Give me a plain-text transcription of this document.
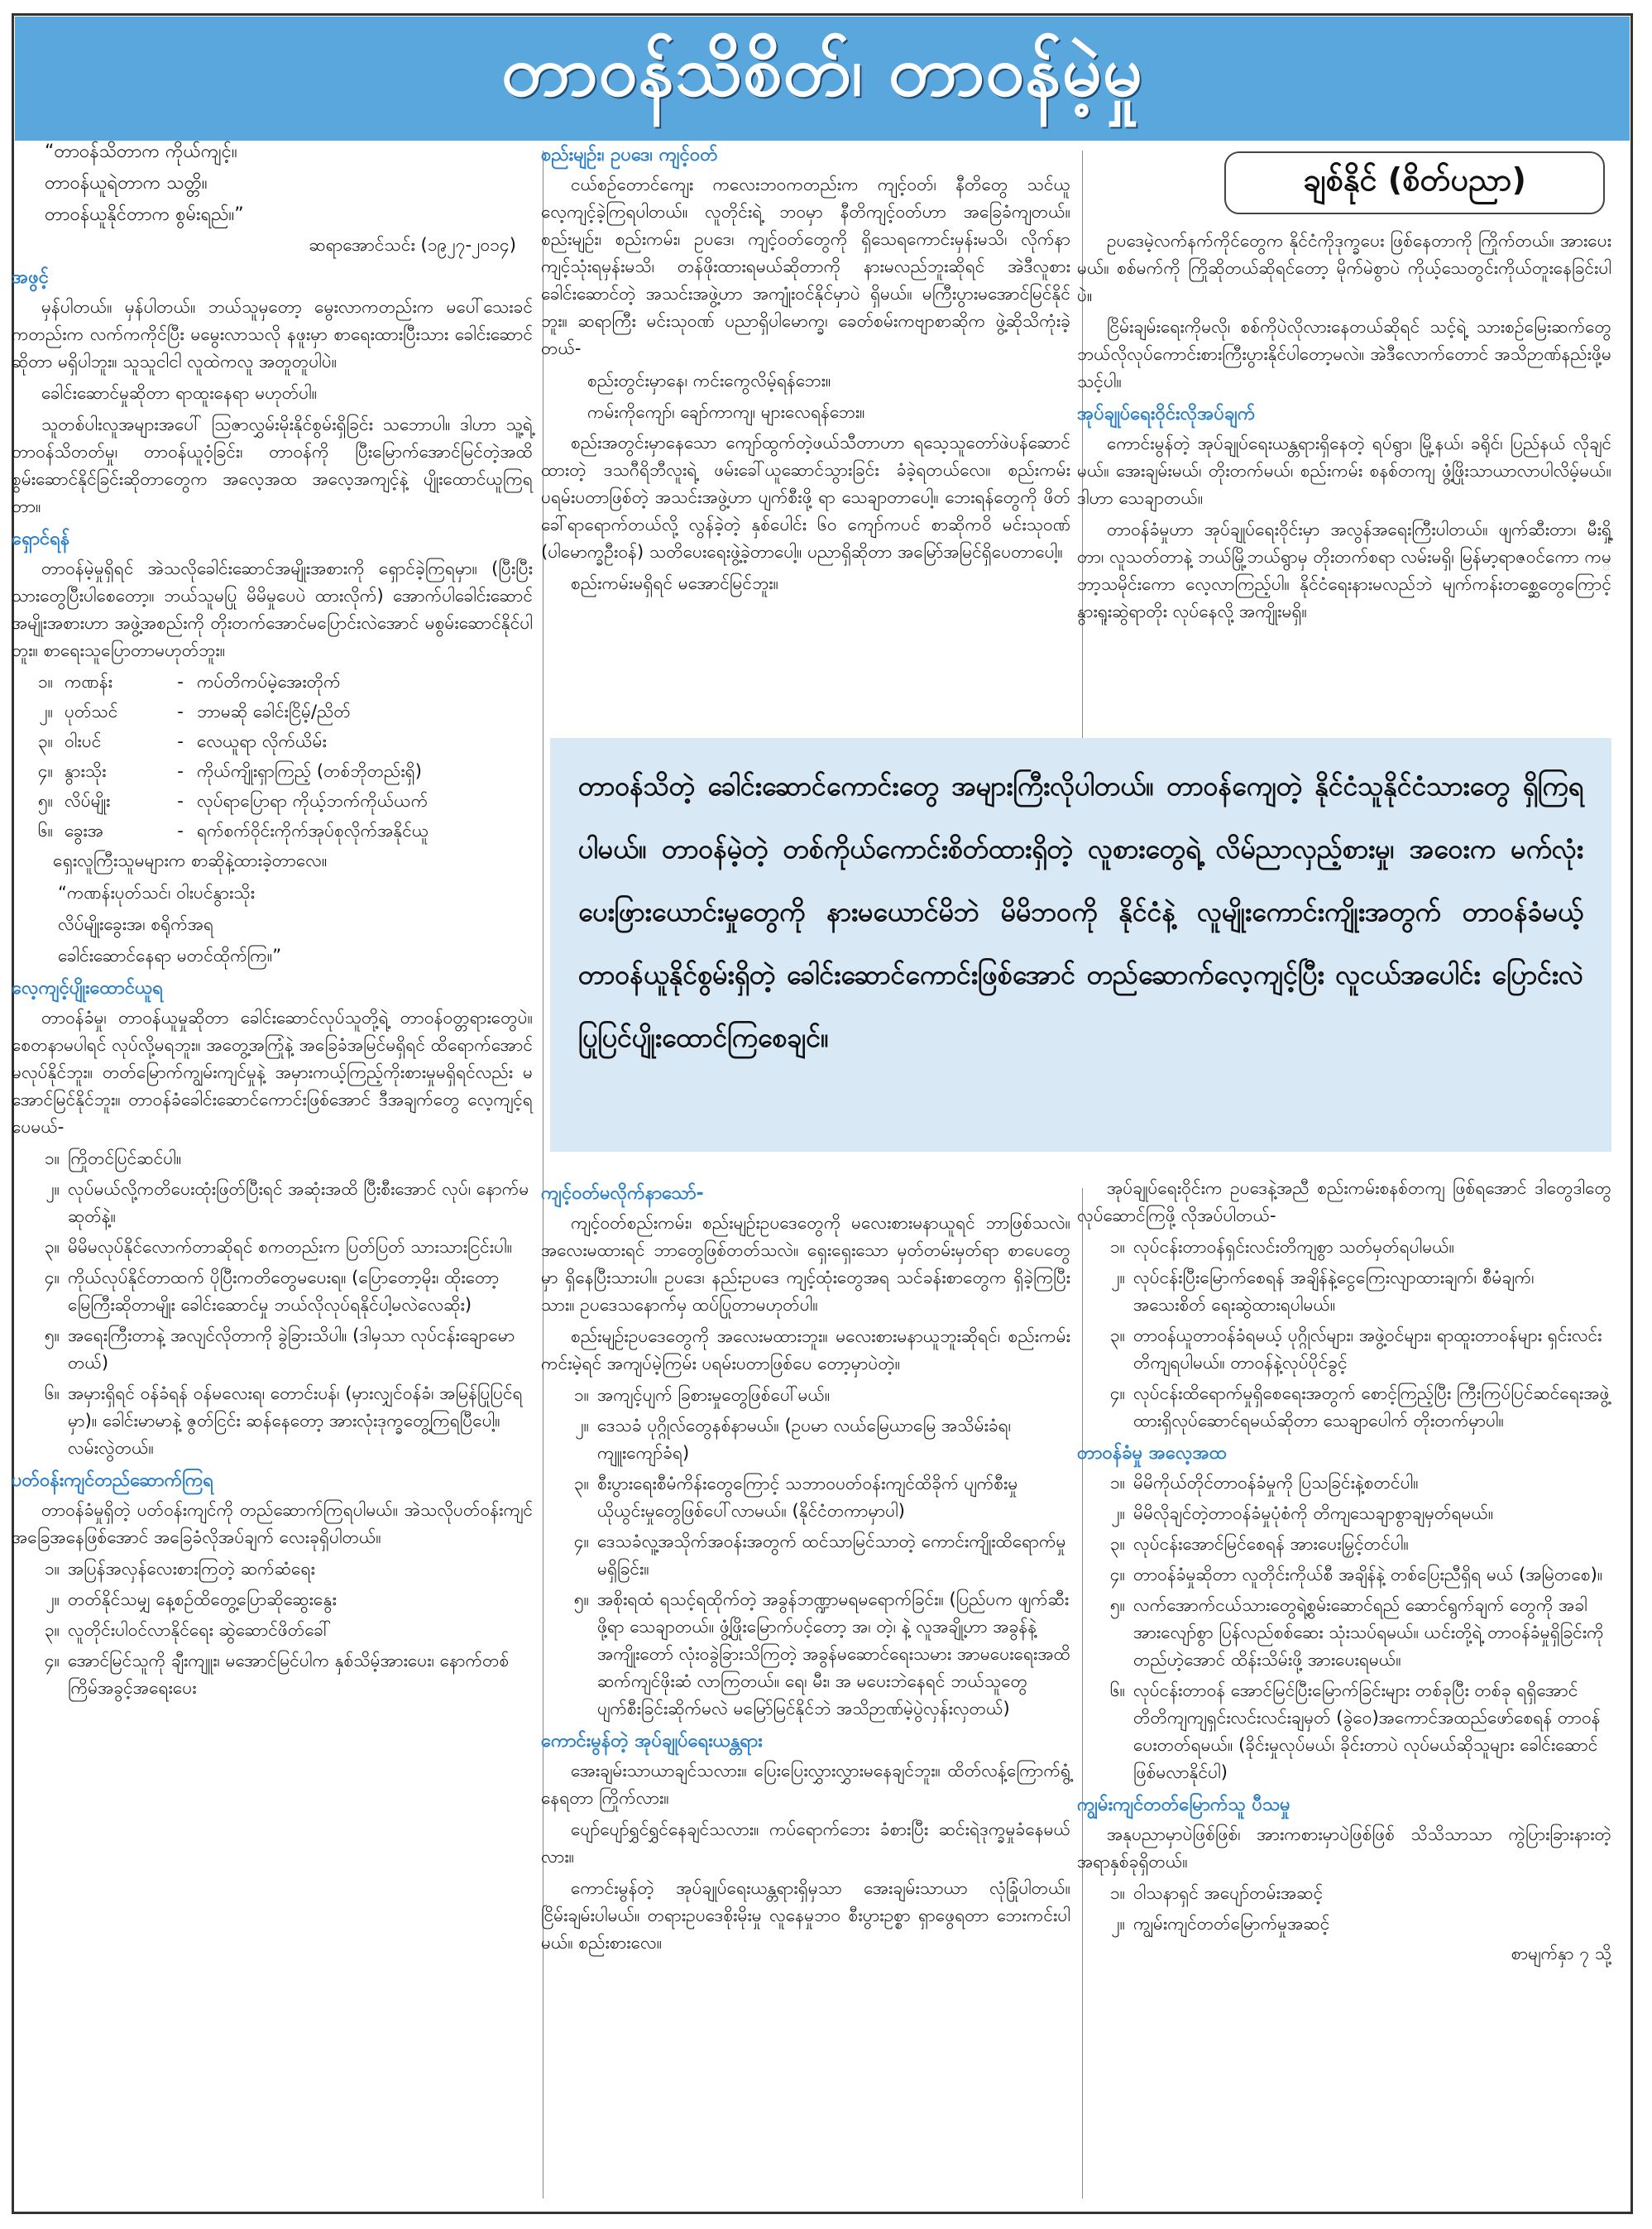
တာဝန်သိစိတ်၊ တာဝန်မဲ့မှု
“တာဝန်သိတာက ကိုယ်ကျင့်။
တာဝန်ယူရဲတာက သတ္တိ။
တာဝန်ယူနိုင်တာက စွမ်းရည်။”
ဆရာအောင်သင်း (၁၉၂၇-၂၀၁၄)
အဖွင့်

မှန်ပါတယ်။ မှန်ပါတယ်။ ဘယ်သူမှတော့ မွေးလာကတည်းက မပေါ်သေးခင်ကတည်းက လက်ကကိုင်ပြီး မမွေးလာသလို နဖူးမှာ စာရေးထားပြီးသား ခေါင်းဆောင် ဆိုတာ မရှိပါဘူး။ သူသူငါငါ လူထဲကလူ အတူတူပါပဲ။

ခေါင်းဆောင်မှုဆိုတာ ရာထူးနေရာ မဟုတ်ပါ။

သူတစ်ပါးလူအများအပေါ် ဩဇာလွှမ်းမိုးနိုင်စွမ်းရှိခြင်း သဘောပါ။ ဒါဟာ သူ့ရဲ့ တာဝန်သိတတ်မှု၊ တာဝန်ယူဝံ့ခြင်း၊ တာဝန်ကို ပြီးမြောက်အောင်မြင်တဲ့အထိ စွမ်းဆောင်နိုင်ခြင်းဆိုတာတွေက အလေ့အထ အလေ့အကျင့်နဲ့ ပျိုးထောင်ယူကြရတာ။

ရှောင်ရန်

တာဝန်မဲ့မှုရှိရင် အဲသလိုခေါင်းဆောင်အမျိုးအစားကို ရှောင်ခဲ့ကြရမှာ။ (ပြီးပြီးသားတွေပြီးပါစေတော့။ ဘယ်သူမပြု မိမိမှုပေပဲ ထားလိုက်) အောက်ပါခေါင်းဆောင်အမျိုးအစားဟာ အဖွဲ့အစည်းကို တိုးတက်အောင်မပြောင်းလဲအောင် မစွမ်းဆောင်နိုင်ပါဘူး။ စာရေးသူပြောတာမဟုတ်ဘူး။

၁။ ကဏန်း	- ကပ်တိကပ်မဲ့အေးတိုက်
၂။ ပုတ်သင်	- ဘာမဆို ခေါင်းငြိမ့်/ညိတ်
၃။ ဝါးပင်	- လေယူရာ လိုက်ယိမ်း
၄။ နွားသိုး	- ကိုယ်ကျိုးရှာကြည့် (တစ်ဘိုတည်းရှိ)
၅။ လိပ်မျိုး	- လုပ်ရာပြောရာ ကိုယ့်ဘက်ကိုယ်ယက်
၆။ ခွေးအ	- ရက်စက်ဝိုင်းကိုက်အုပ်စုလိုက်အနိုင်ယူ

ရှေးလူကြီးသူမများက စာဆိုနဲ့ထားခဲ့တာလေ။

“ကဏန်းပုတ်သင်၊ ဝါးပင်နွားသိုး
လိပ်မျိုးခွေးအ၊ စရိုက်အရ
ခေါင်းဆောင်နေရာ မတင်ထိုက်ကြ။”
လေ့ကျင့်ပျိုးထောင်ယူရ

တာဝန်ခံမှု၊ တာဝန်ယူမှုဆိုတာ ခေါင်းဆောင်လုပ်သူတို့ရဲ့ တာဝန်ဝတ္တရားတွေပဲ။ စေတနာမပါရင် လုပ်လို့မရဘူး။ အတွေ့အကြုံနဲ့ အခြေခံအမြင်မရှိရင် ထိရောက်အောင် မလုပ်နိုင်ဘူး။ တတ်မြောက်ကျွမ်းကျင်မှုနဲ့ အမှားကယ့်ကြည့်ကိုးစားမှုမရှိရင်လည်း မအောင်မြင်နိုင်ဘူး။ တာဝန်ခံခေါင်းဆောင်ကောင်းဖြစ်အောင် ဒီအချက်တွေ လေ့ကျင့်ရပေမယ်-

၁။ ကြိုတင်ပြင်ဆင်ပါ။
၂။ လုပ်မယ်လို့ကတိပေးထုံးဖြတ်ပြီးရင် အဆုံးအထိ ပြီးစီးအောင် လုပ်၊ နောက်မဆုတ်နဲ့။
၃။ မိမိမလုပ်နိုင်လောက်တာဆိုရင် စကတည်းက ပြတ်ပြတ် သားသားငြင်းပါ။
၄။ ကိုယ်လုပ်နိုင်တာထက် ပိုပြီးကတိတွေမပေးရ။ (ပြောတော့မိုး၊ ထိုးတော့မြေကြီးဆိုတာမျိုး ခေါင်းဆောင်မှု ဘယ်လိုလုပ်ရနိုင်ပါ့မလဲလေဆိုး)
၅။ အရေးကြီးတာနဲ့ အလျင်လိုတာကို ခွဲခြားသိပါ။ (ဒါမှသာ လုပ်ငန်းချောမောတယ်)
၆။ အမှားရှိရင် ဝန်ခံရန် ဝန်မလေးရ၊ တောင်းပန်၊ (မှားလျှင်ဝန်ခံ၊ အမြန်ပြုပြင်ရမှာ)။ ခေါင်းမာမာနဲ့ ဇွတ်ငြင်း ဆန်နေတော့ အားလုံးဒုက္ခတွေ့ကြရပြီပေါ့။ လမ်းလွဲတယ်။
ပတ်ဝန်းကျင်တည်ဆောက်ကြရ

တာဝန်ခံမှုရှိတဲ့ ပတ်ဝန်းကျင်ကို တည်ဆောက်ကြရပါမယ်။ အဲသလိုပတ်ဝန်းကျင်အခြေအနေဖြစ်အောင် အခြေခံလိုအပ်ချက် လေးခုရှိပါတယ်။

၁။ အပြန်အလှန်လေးစားကြတဲ့ ဆက်ဆံရေး
၂။ တတ်နိုင်သမျှ နေ့စဉ်ထိတွေ့ပြောဆိုဆွေးနွေး
၃။ လူတိုင်းပါဝင်လာနိုင်ရေး ဆွဲဆောင်ဖိတ်ခေါ်
၄။ အောင်မြင်သူကို ချီးကျူး၊ မအောင်မြင်ပါက နှစ်သိမ့်အားပေး၊ နောက်တစ်ကြိမ်အခွင့်အရေးပေး
စည်းမျဉ်း၊ ဥပဒေ၊ ကျင့်ဝတ်

ငယ်စဉ်တောင်ကျေး ကလေးဘဝကတည်းက ကျင့်ဝတ်၊ နီတိတွေ သင်ယူလေ့ကျင့်ခဲ့ကြရပါတယ်။ လူတိုင်းရဲ့ ဘဝမှာ နီတိကျင့်ဝတ်ဟာ အခြေခံကျတယ်။ စည်းမျဉ်း၊ စည်းကမ်း၊ ဥပဒေ၊ ကျင့်ဝတ်တွေကို ရှိသေရကောင်းမှန်းမသိ၊ လိုက်နာကျင့်သုံးရမှန်းမသိ၊ တန်ဖိုးထားရမယ်ဆိုတာကို နားမလည်ဘူးဆိုရင် အဲဒီလူစားခေါင်းဆောင်တဲ့ အသင်းအဖွဲ့ဟာ အကျုံးဝင်နိုင်မှာပဲ ရှိမယ်။ မကြီးပွားမအောင်မြင်နိုင်ဘူး။ ဆရာကြီး မင်းသုဝဏ် ပညာရှိပါမောက္ခ၊ ခေတ်စမ်းကဗျာစာဆိုက ဖွဲ့ဆိုသိကုံးခဲ့တယ်-

စည်းတွင်းမှာနေ၊ ကင်းကွေလိမ့်ရန်ဘေး။
ကမ်းကိုကျော်၊ ချော်ကာကျ၊ များလေရန်ဘေး။

စည်းအတွင်းမှာနေသော ကျော်ထွက်တဲ့ဖယ်သီတာဟာ ရသေ့သူတော်ဖဲပန်ဆောင်ထားတဲ့ ဒသဂီရိဘီလူးရဲ့ ဖမ်းခေါ်ယူဆောင်သွားခြင်း ခံခဲ့ရတယ်လေ။ စည်းကမ်းပရမ်းပတာဖြစ်တဲ့ အသင်းအဖွဲ့ဟာ ပျက်စီးဖို့ ရာ သေချာတာပေါ့။ ဘေးရန်တွေကို ဖိတ်ခေါ်ရာရောက်တယ်လို့ လွန်ခဲ့တဲ့ နှစ်ပေါင်း ၆၀ ကျော်ကပင် စာဆိုကဝိ မင်းသုဝဏ် (ပါမောက္ခဦးဝန်) သတိပေးရေးဖွဲ့ခဲ့တာပေါ့။ ပညာရှိဆိုတာ အမြော်အမြင်ရှိပေတာပေါ့။

စည်းကမ်းမရှိရင် မအောင်မြင်ဘူး။

ချစ်နိုင် (စိတ်ပညာ)

ဥပဒေမဲ့လက်နက်ကိုင်တွေက နိုင်ငံကိုဒုက္ခပေး ဖြစ်နေတာကို ကြိုက်တယ်။ အားပေးမယ်။ စစ်မက်ကို ကြိုဆိုတယ်ဆိုရင်တော့ မိုက်မဲစွာပဲ ကိုယ့်သေတွင်းကိုယ်တူးနေခြင်းပါပဲ။

ငြိမ်းချမ်းရေးကိုမလို၊ စစ်ကိုပဲလိုလားနေတယ်ဆိုရင် သင့်ရဲ့ သားစဉ်မြေးဆက်တွေ ဘယ်လိုလုပ်ကောင်းစားကြီးပွားနိုင်ပါတော့မလဲ။ အဲဒီလောက်တောင် အသိဉာဏ်နည်းဖို့မသင့်ပါ။

အုပ်ချုပ်ရေးဝိုင်းလိုအပ်ချက်

ကောင်းမွန်တဲ့ အုပ်ချုပ်ရေးယန္တရားရှိနေတဲ့ ရပ်ရွာ၊ မြို့နယ်၊ ခရိုင်၊ ပြည်နယ် လိုချင်မယ်။ အေးချမ်းမယ်၊ တိုးတက်မယ်၊ စည်းကမ်း စနစ်တကျ ဖွံ့ဖြိုးသာယာလာပါလိမ့်မယ်။ ဒါဟာ သေချာတယ်။

တာဝန်ခံမှုဟာ အုပ်ချုပ်ရေးဝိုင်းမှာ အလွန်အရေးကြီးပါတယ်။ ဖျက်ဆီးတာ၊ မီးရှို့တာ၊ လူသတ်တာနဲ့ ဘယ်မြို့ဘယ်ရွာမှ တိုးတက်စရာ လမ်းမရှိ၊ မြန်မာ့ရာဇဝင်ကော ကမ္ဘာ့သမိုင်းကော လေ့လာကြည့်ပါ။ နိုင်ငံရေးနားမလည်ဘဲ မျက်ကန်းတစ္ဆေတွေကြောင့် နွားရူးဆွဲရာတိုး လုပ်နေလို့ အကျိုးမရှိ။

တာဝန်သိတဲ့ ခေါင်းဆောင်ကောင်းတွေ အများကြီးလိုပါတယ်။ တာဝန်ကျေတဲ့ နိုင်ငံသူနိုင်ငံသားတွေ ရှိကြရပါမယ်။ တာဝန်မဲ့တဲ့ တစ်ကိုယ်ကောင်းစိတ်ထားရှိတဲ့ လူစားတွေရဲ့ လိမ်ညာလှည့်စားမှု၊ အဝေးက မက်လုံးပေးဖြားယောင်းမှုတွေကို နားမယောင်မိဘဲ မိမိဘဝကို နိုင်ငံနဲ့ လူမျိုးကောင်းကျိုးအတွက် တာဝန်ခံမယ့် တာဝန်ယူနိုင်စွမ်းရှိတဲ့ ခေါင်းဆောင်ကောင်းဖြစ်အောင် တည်ဆောက်လေ့ကျင့်ပြီး လူငယ်အပေါင်း ပြောင်းလဲပြုပြင်ပျိုးထောင်ကြစေချင်။

ကျင့်ဝတ်မလိုက်နာသော်-

ကျင့်ဝတ်စည်းကမ်း၊ စည်းမျဉ်းဥပဒေတွေကို မလေးစားမနာယူရင် ဘာဖြစ်သလဲ။ အလေးမထားရင် ဘာတွေဖြစ်တတ်သလဲ။ ရှေးရှေးသော မှတ်တမ်းမှတ်ရာ စာပေတွေမှာ ရှိနေပြီးသားပါ။ ဥပဒေ၊ နည်းဥပဒေ ကျင့်ထုံးတွေအရ သင်ခန်းစာတွေက ရှိခဲ့ကြပြီးသား။ ဥပဒေသနောက်မှ ထပ်ပြုတာမဟုတ်ပါ။

စည်းမျဉ်းဥပဒေတွေကို အလေးမထားဘူး။ မလေးစားမနာယူဘူးဆိုရင်၊ စည်းကမ်းကင်းမဲ့ရင် အကျပ်မဲ့ကြမ်း ပရမ်းပတာဖြစ်ပေ တော့မှာပဲတဲ့။

၁။ အကျင့်ပျက် ခြစားမှုတွေဖြစ်ပေါ်မယ်။
၂။ ဒေသခံ ပုဂ္ဂိုလ်တွေနစ်နာမယ်။ (ဥပမာ လယ်မြေယာမြေ အသိမ်းခံရ၊ ကျူးကျော်ခံရ)
၃။ စီးပွားရေးစီမံကိန်းတွေကြောင့် သဘာဝပတ်ဝန်းကျင်ထိခိုက် ပျက်စီးမှု ယိုယွင်းမှုတွေဖြစ်ပေါ်လာမယ်။ (နိုင်ငံတကာမှာပါ)
၄။ ဒေသခံလူ့အသိုက်အဝန်းအတွက် ထင်သာမြင်သာတဲ့ ကောင်းကျိုးထိရောက်မှု မရှိခြင်း။
၅။ အစိုးရထံ ရသင့်ရထိုက်တဲ့ အခွန်ဘဏ္ဍာမရမရောက်ခြင်း။ (ပြည်ပက ဖျက်ဆီးဖို့ရာ သေချာတယ်။ ဖွံ့ဖြိုးမြောက်ပင့်တော့ အ၊ တဲ့၊ နဲ့ လူအချို့ဟာ အခွန်နဲ့ အကျိုးတော် လုံးဝခွဲခြားသိကြတဲ့ အခွန်မဆောင်ရေးသမား အာမပေးရေးအထိ ဆက်ကျင်ဖိုးဆံ လာကြတယ်။ ရေ၊ မီး၊ အ မပေးဘဲနေရင် ဘယ်သူတွေ ပျက်စီးခြင်းဆိုက်မလဲ မမြော်မြင်နိုင်ဘဲ အသိဉာဏ်မဲ့ပွဲလှန်းလှတယ်)
ကောင်းမွန်တဲ့ အုပ်ချုပ်ရေးယန္တရား

အေးချမ်းသာယာချင်သလား။ ပြေးပြေးလွှားလွှားမနေချင်ဘူး။ ထိတ်လန့်ကြောက်ရွံ့နေရတာ ကြိုက်လား။

ပျော်ပျော်ရွှင်ရွှင်နေချင်သလား။ ကပ်ရောက်ဘေး ခံစားပြီး ဆင်းရဲဒုက္ခမှုခံနေမယ်လား။

ကောင်းမွန်တဲ့ အုပ်ချုပ်ရေးယန္တရားရှိမှသာ အေးချမ်းသာယာ လုံခြုံပါတယ်။ ငြိမ်းချမ်းပါမယ်။ တရားဥပဒေစိုးမိုးမှု လူနေမှုဘဝ စီးပွားဥစ္စာ ရှာဖွေရတာ ဘေးကင်းပါမယ်။ စည်းစားလေ။

အုပ်ချုပ်ရေးဝိုင်းက ဥပဒေနဲ့အညီ စည်းကမ်းစနစ်တကျ ဖြစ်ရအောင် ဒါတွေဒါတွေ လုပ်ဆောင်ကြဖို့ လိုအပ်ပါတယ်-

၁။ လုပ်ငန်းတာဝန်ရှင်းလင်းတိကျစွာ သတ်မှတ်ရပါမယ်။
၂။ လုပ်ငန်းပြီးမြောက်စေရန် အချိန်နဲ့ငွေကြေးလျာထားချက်၊ စီမံချက်၊ အသေးစိတ် ရေးဆွဲထားရပါမယ်။
၃။ တာဝန်ယူတာဝန်ခံရမယ့် ပုဂ္ဂိုလ်များ၊ အဖွဲ့ဝင်များ၊ ရာထူးတာဝန်များ ရှင်းလင်းတိကျရပါမယ်။ တာဝန်နဲ့လုပ်ပိုင်ခွင့်
၄။ လုပ်ငန်းထိရောက်မှုရှိစေရေးအတွက် စောင့်ကြည့်ပြီး ကြီးကြပ်ပြင်ဆင်ရေးအဖွဲ့ ထားရှိလုပ်ဆောင်ရမယ်ဆိုတာ သေချာပေါက် တိုးတက်မှာပါ။
တာဝန်ခံမှု အလေ့အထ
၁။ မိမိကိုယ်တိုင်တာဝန်ခံမှုကို ပြသခြင်းနဲ့စတင်ပါ။
၂။ မိမိလိုချင်တဲ့တာဝန်ခံမှုပုံစံကို တိကျသေချာစွာချမှတ်ရမယ်။
၃။ လုပ်ငန်းအောင်မြင်စေရန် အားပေးမြှင့်တင်ပါ။
၄။ တာဝန်ခံမှုဆိုတာ လူတိုင်းကိုယ်စီ အချိန်နဲ့ တစ်ပြေးညီရှိရ မယ် (အမြဲတစေ)။
၅။ လက်အောက်ငယ်သားတွေရဲ့စွမ်းဆောင်ရည် ဆောင်ရွက်ချက် တွေကို အခါအားလျော်စွာ ပြန်လည်စစ်ဆေး သုံးသပ်ရမယ်။ ယင်းတို့ရဲ့ တာဝန်ခံမှုရှိခြင်းကို တည်ဟဲ့အောင် ထိန်းသိမ်းဖို့ အားပေးရမယ်။
၆။ လုပ်ငန်းတာဝန် အောင်မြင်ပြီးမြောက်ခြင်းများ တစ်ခုပြီး တစ်ခု ရရှိအောင် တိတိကျကျရှင်းလင်းလင်းချမှတ် (ခွဲဝေ)အကောင်အထည်ဖော်စေရန် တာဝန်ပေးတတ်ရမယ်။ (ခိုင်းမှုလုပ်မယ်၊ ခိုင်းတာပဲ လုပ်မယ်ဆိုသူများ ခေါင်းဆောင် ဖြစ်မလာနိုင်ပါ)
ကျွမ်းကျင်တတ်မြောက်သူ ပီသမှု

အနုပညာမှာပဲဖြစ်ဖြစ်၊ အားကစားမှာပဲဖြစ်ဖြစ် သိသိသာသာ ကွဲပြားခြားနားတဲ့ အရာနှစ်ခုရှိတယ်။

၁။ ဝါသနာရှင် အပျော်တမ်းအဆင့်
၂။ ကျွမ်းကျင်တတ်မြောက်မှုအဆင့်
စာမျက်နှာ ၇ သို့
